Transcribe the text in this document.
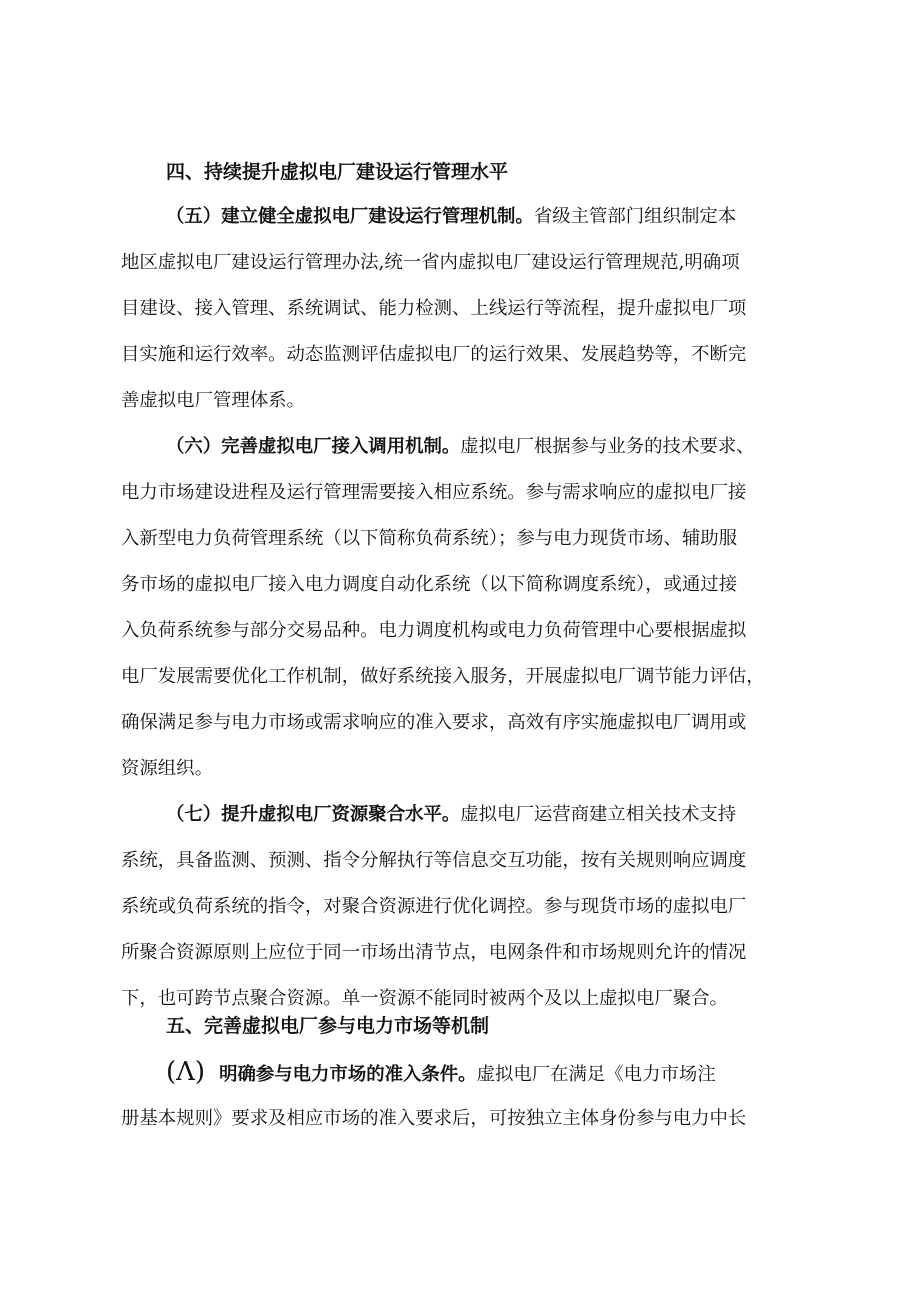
四、持续提升虚拟电厂建设运行管理水平
（五）建立健全虚拟电厂建设运行管理机制。省级主管部门组织制定本
地区虚拟电厂建设运行管理办法,统一省内虚拟电厂建设运行管理规范,明确项
目建设、接入管理、系统调试、能力检测、上线运行等流程，提升虚拟电厂项
目实施和运行效率。动态监测评估虚拟电厂的运行效果、发展趋势等，不断完
善虚拟电厂管理体系。
（六）完善虚拟电厂接入调用机制。虚拟电厂根据参与业务的技术要求、
电力市场建设进程及运行管理需要接入相应系统。参与需求响应的虚拟电厂接
入新型电力负荷管理系统（以下简称负荷系统）；参与电力现货市场、辅助服
务市场的虚拟电厂接入电力调度自动化系统（以下简称调度系统），或通过接
入负荷系统参与部分交易品种。电力调度机构或电力负荷管理中心要根据虚拟
电厂发展需要优化工作机制，做好系统接入服务，开展虚拟电厂调节能力评估，
确保满足参与电力市场或需求响应的准入要求，高效有序实施虚拟电厂调用或
资源组织。
（七）提升虚拟电厂资源聚合水平。虚拟电厂运营商建立相关技术支持
系统，具备监测、预测、指令分解执行等信息交互功能，按有关规则响应调度
系统或负荷系统的指令，对聚合资源进行优化调控。参与现货市场的虚拟电厂
所聚合资源原则上应位于同一市场出清节点，电网条件和市场规则允许的情况
下，也可跨节点聚合资源。单一资源不能同时被两个及以上虚拟电厂聚合。
五、完善虚拟电厂参与电力市场等机制
(Λ) 明确参与电力市场的准入条件。虚拟电厂在满足《电力市场注
册基本规则》要求及相应市场的准入要求后，可按独立主体身份参与电力中长
